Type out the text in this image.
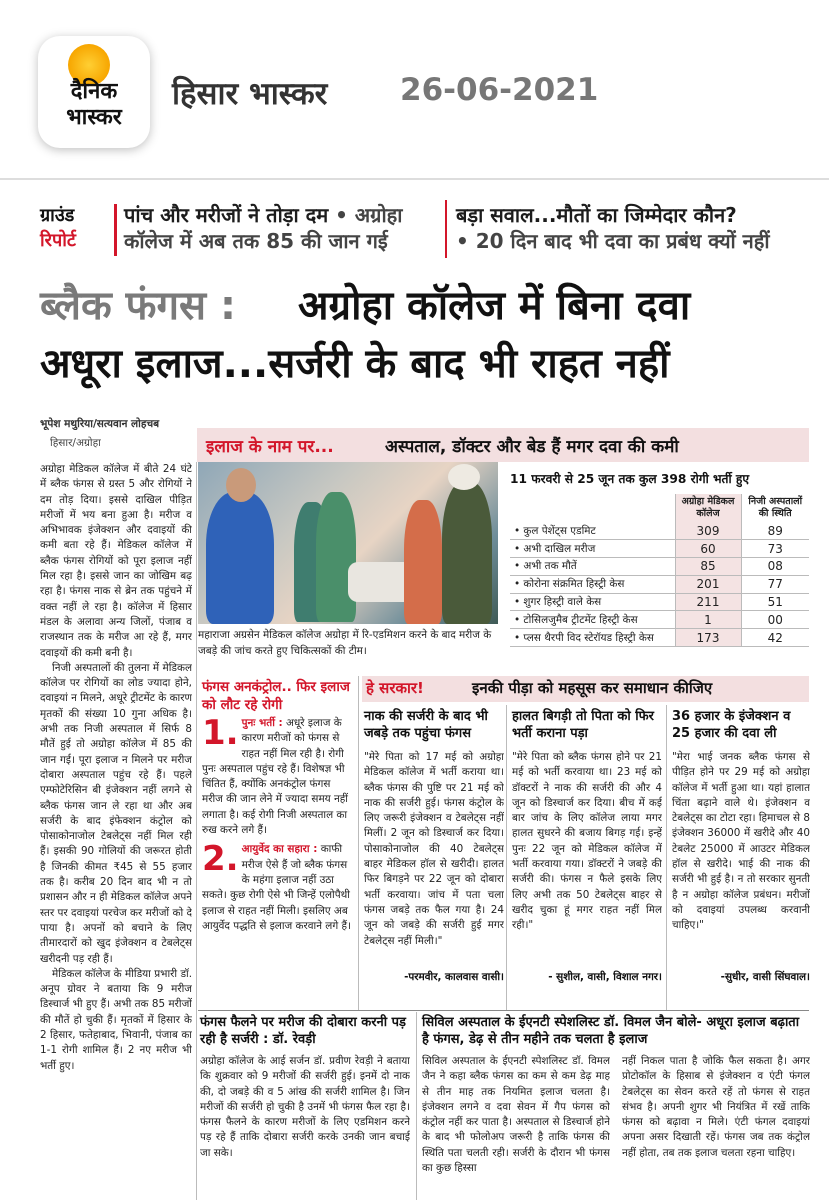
दैनिक
भास्कर
हिसार भास्कर 26-06-2021
ग्राउंड
रिपोर्ट
पांच और मरीजों ने तोड़ा दम • अग्रोहा
कॉलेज में अब तक 85 की जान गई
बड़ा सवाल...मौतों का जिम्मेदार कौन?
• 20 दिन बाद भी दवा का प्रबंध क्यों नहीं
ब्लैक फंगस : अग्रोहा कॉलेज में बिना दवा
अधूरा इलाज...सर्जरी के बाद भी राहत नहीं
भूपेश मथुरिया/सत्यवान लोहचब
हिसार/अग्रोहा	इलाज के नाम पर...	अस्पताल, डॉक्टर और बेड हैं मगर दवा की कमी
महाराजा अग्रसेन मेडिकल कॉलेज अग्रोहा में रि-एडमिशन करने के बाद मरीज के जबड़े की जांच करते हुए चिकित्सकों की टीम।
11 फरवरी से 25 जून तक कुल 398 रोगी भर्ती हुए
	अग्रोहा मेडिकल कॉलेज	निजी अस्पतालों की स्थिति
• कुल पेशेंट्स एडमिट	309	89
• अभी दाखिल मरीज	60	73
• अभी तक मौतें	85	08
• कोरोना संक्रमित हिस्ट्री केस	201	77
• शुगर हिस्ट्री वाले केस	211	51
• टोसिलजुमैब ट्रीटमेंट हिस्ट्री केस	1	00
• प्लस थैरपी विद स्टेरॉयड हिस्ट्री केस	173	42

अग्रोहा मेडिकल कॉलेज में बीते 24 घंटे में ब्लैक फंगस से ग्रस्त 5 और रोगियों ने दम तोड़ दिया। इससे दाखिल पीड़ित मरीजों में भय बना हुआ है। मरीज व अभिभावक इंजेक्शन और दवाइयों की कमी बता रहे हैं। मेडिकल कॉलेज में ब्लैक फंगस रोगियों को पूरा इलाज नहीं मिल रहा है। इससे जान का जोखिम बढ़ रहा है। फंगस नाक से ब्रेन तक पहुंचने में वक्त नहीं ले रहा है। कॉलेज में हिसार मंडल के अलावा अन्य जिलों, पंजाब व राजस्थान तक के मरीज आ रहे हैं, मगर दवाइयों की कमी बनी है।

निजी अस्पतालों की तुलना में मेडिकल कॉलेज पर रोगियों का लोड ज्यादा होने, दवाइयां न मिलने, अधूरे ट्रीटमेंट के कारण मृतकों की संख्या 10 गुना अधिक है। अभी तक निजी अस्पताल में सिर्फ 8 मौतें हुई तो अग्रोहा कॉलेज में 85 की जान गई। पूरा इलाज न मिलने पर मरीज दोबारा अस्पताल पहुंच रहे हैं। पहले एम्फोटेरिसिन बी इंजेक्शन नहीं लगने से ब्लैक फंगस जान ले रहा था और अब सर्जरी के बाद इंफेक्शन कंट्रोल को पोसाकोनाजोल टेबलेट्स नहीं मिल रही हैं। इसकी 90 गोलियों की जरूरत होती है जिनकी कीमत ₹45 से 55 हजार तक है। करीब 20 दिन बाद भी न तो प्रशासन और न ही मेडिकल कॉलेज अपने स्तर पर दवाइयां परचेज कर मरीजों को दे पाया है। अपनों को बचाने के लिए तीमारदारों को खुद इंजेक्शन व टेबलेट्स खरीदनी पड़ रही हैं।

मेडिकल कॉलेज के मीडिया प्रभारी डॉ. अनूप ग्रोवर ने बताया कि 9 मरीज डिस्चार्ज भी हुए हैं। अभी तक 85 मरीजों की मौतें हो चुकी हैं। मृतकों में हिसार के 2 हिसार, फतेहाबाद, भिवानी, पंजाब का 1-1 रोगी शामिल हैं। 2 नए मरीज भी भर्ती हुए।

फंगस अनकंट्रोल.. फिर इलाज को लौट रहे रोगी
1. पुनः भर्ती : अधूरे इलाज के कारण मरीजों को फंगस से राहत नहीं मिल रही है। रोगी पुनः अस्पताल पहुंच रहे हैं। विशेषज्ञ भी चिंतित हैं, क्योंकि अनकंट्रोल फंगस मरीज की जान लेने में ज्यादा समय नहीं लगाता है। कई रोगी निजी अस्पताल का रुख करने लगे हैं।
2. आयुर्वेद का सहारा : काफी मरीज ऐसे हैं जो ब्लैक फंगस के महंगा इलाज नहीं उठा सकते। कुछ रोगी ऐसे भी जिन्हें एलोपैथी इलाज से राहत नहीं मिली। इसलिए अब आयुर्वेद पद्धति से इलाज करवाने लगे हैं।
हे सरकार!	इनकी पीड़ा को महसूस कर समाधान कीजिए
नाक की सर्जरी के बाद भी जबड़े तक पहुंचा फंगस
"मेरे पिता को 17 मई को अग्रोहा मेडिकल कॉलेज में भर्ती कराया था। ब्लैक फंगस की पुष्टि पर 21 मई को नाक की सर्जरी हुई। फंगस कंट्रोल के लिए जरूरी इंजेक्शन व टेबलेट्स नहीं मिलीं। 2 जून को डिस्चार्ज कर दिया। पोसाकोनाजोल की 40 टेबलेट्स बाहर मेडिकल हॉल से खरीदी। हालत फिर बिगड़ने पर 22 जून को दोबारा भर्ती करवाया। जांच में पता चला फंगस जबड़े तक फैल गया है। 24 जून को जबड़े की सर्जरी हुई मगर टेबलेट्स नहीं मिली।"
-परमवीर, कालवास वासी।
हालत बिगड़ी तो पिता को फिर भर्ती कराना पड़ा
"मेरे पिता को ब्लैक फंगस होने पर 21 मई को भर्ती करवाया था। 23 मई को डॉक्टरों ने नाक की सर्जरी की और 4 जून को डिस्चार्ज कर दिया। बीच में कई बार जांच के लिए कॉलेज लाया मगर हालत सुधरने की बजाय बिगड़ गई। इन्हें पुनः 22 जून को मेडिकल कॉलेज में भर्ती करवाया गया। डॉक्टरों ने जबड़े की सर्जरी की। फंगस न फैले इसके लिए लिए अभी तक 50 टेबलेट्स बाहर से खरीद चुका हूं मगर राहत नहीं मिल रही।"
- सुशील, वासी, विशाल नगर।
36 हजार के इंजेक्शन व 25 हजार की दवा ली
"मेरा भाई जनक ब्लैक फंगस से पीड़ित होने पर 29 मई को अग्रोहा कॉलेज में भर्ती हुआ था। यहां हालात चिंता बढ़ाने वाले थे। इंजेक्शन व टेबलेट्स का टोटा रहा। हिमाचल से 8 इंजेक्शन 36000 में खरीदे और 40 टेबलेट 25000 में आउटर मेडिकल हॉल से खरीदे। भाई की नाक की सर्जरी भी हुई है। न तो सरकार सुनती है न अग्रोहा कॉलेज प्रबंधन। मरीजों को दवाइयां उपलब्ध करवानी चाहिए।"
-सुधीर, वासी सिंघवाल।
फंगस फैलने पर मरीज की दोबारा करनी पड़ रही है सर्जरी : डॉ. रेवड़ी
अग्रोहा कॉलेज के आई सर्जन डॉ. प्रवीण रेवड़ी ने बताया कि शुक्रवार को 9 मरीजों की सर्जरी हुई। इनमें दो नाक की, दो जबड़े की व 5 आंख की सर्जरी शामिल है। जिन मरीजों की सर्जरी हो चुकी है उनमें भी फंगस फैल रहा है। फंगस फैलने के कारण मरीजों के लिए एडमिशन करने पड़ रहे हैं ताकि दोबारा सर्जरी करके उनकी जान बचाई जा सके।
सिविल अस्पताल के ईएनटी स्पेशलिस्ट डॉ. विमल जैन बोले- अधूरा इलाज बढ़ाता है फंगस, डेढ़ से तीन महीने तक चलता है इलाज
सिविल अस्पताल के ईएनटी स्पेशलिस्ट डॉ. विमल जैन ने कहा ब्लैक फंगस का कम से कम डेढ़ माह से तीन माह तक नियमित इलाज चलता है। इंजेक्शन लगने व दवा सेवन में गैप फंगस को कंट्रोल नहीं कर पाता है। अस्पताल से डिस्चार्ज होने के बाद भी फोलोअप जरूरी है ताकि फंगस की स्थिति पता चलती रही। सर्जरी के दौरान भी फंगस का कुछ हिस्सा
नहीं निकल पाता है जोकि फैल सकता है। अगर प्रोटोकॉल के हिसाब से इंजेक्शन व एंटी फंगल टेबलेट्स का सेवन करते रहें तो फंगस से राहत संभव है। अपनी शुगर भी नियंत्रित में रखें ताकि फंगस को बढ़ावा न मिले। एंटी फंगल दवाइयां अपना असर दिखाती रहें। फंगस जब तक कंट्रोल नहीं होता, तब तक इलाज चलता रहना चाहिए।
